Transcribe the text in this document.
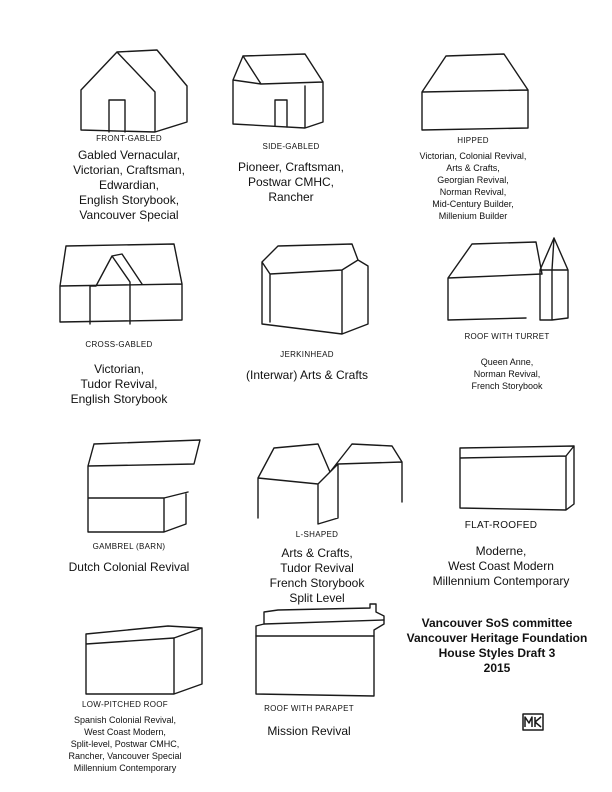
FRONT-GABLED
Gabled Vernacular,
Victorian, Craftsman,
Edwardian,
English Storybook,
Vancouver Special
SIDE-GABLED
Pioneer, Craftsman,
Postwar CMHC,
Rancher
HIPPED
Victorian, Colonial Revival,
Arts & Crafts,
Georgian Revival,
Norman Revival,
Mid-Century Builder,
Millenium Builder
CROSS-GABLED
Victorian,
Tudor Revival,
English Storybook
JERKINHEAD
(Interwar) Arts & Crafts
ROOF WITH TURRET
Queen Anne,
Norman Revival,
French Storybook
GAMBREL (BARN)
Dutch Colonial Revival
L-SHAPED
Arts & Crafts,
Tudor Revival
French Storybook
Split Level
FLAT-ROOFED
Moderne,
West Coast Modern
Millennium Contemporary
LOW-PITCHED ROOF
Spanish Colonial Revival,
West Coast Modern,
Split-level, Postwar CMHC,
Rancher, Vancouver Special
Millennium Contemporary
ROOF WITH PARAPET
Mission Revival
Vancouver SoS committee
Vancouver Heritage Foundation
House Styles Draft 3
2015
